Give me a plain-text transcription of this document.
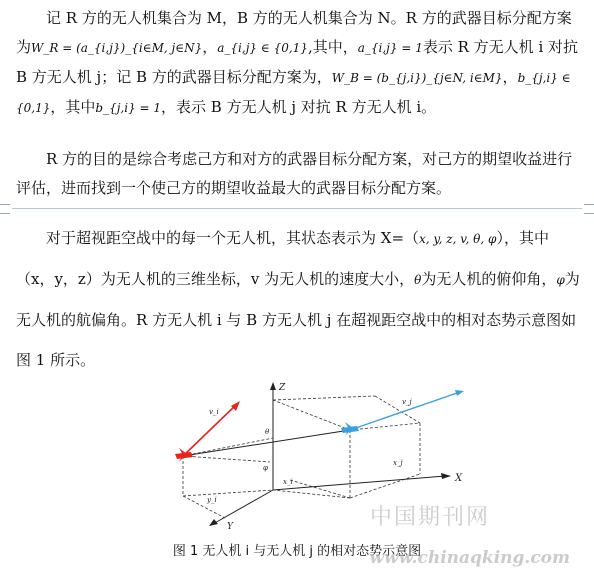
记 R 方的无人机集合为 M，B 方的无人机集合为 N。R 方的武器目标分配方案为W_R = (a_{i,j})_{i∈M, j∈N}，a_{i,j} ∈ {0,1},其中，a_{i,j} = 1表示 R 方无人机 i 对抗 B 方无人机 j；记 B 方的武器目标分配方案为，W_B = (b_{j,i})_{j∈N, i∈M}，b_{j,i} ∈ {0,1}，其中b_{j,i} = 1，表示 B 方无人机 j 对抗 R 方无人机 i。
R 方的目的是综合考虑己方和对方的武器目标分配方案，对己方的期望收益进行评估，进而找到一个使己方的期望收益最大的武器目标分配方案。
对于超视距空战中的每一个无人机，其状态表示为 X=（x, y, z, v, θ, φ），其中（x，y，z）为无人机的三维坐标，v 为无人机的速度大小，θ为无人机的俯仰角，φ为无人机的航偏角。R 方无人机 i 与 B 方无人机 j 在超视距空战中的相对态势示意图如图 1 所示。
Z
X
Y
v_i
v_j
θ
φ
x_j
x_i
y_i
中国期刊网
图 1 无人机 i 与无人机 j 的相对态势示意图
www.chinaqking.com
